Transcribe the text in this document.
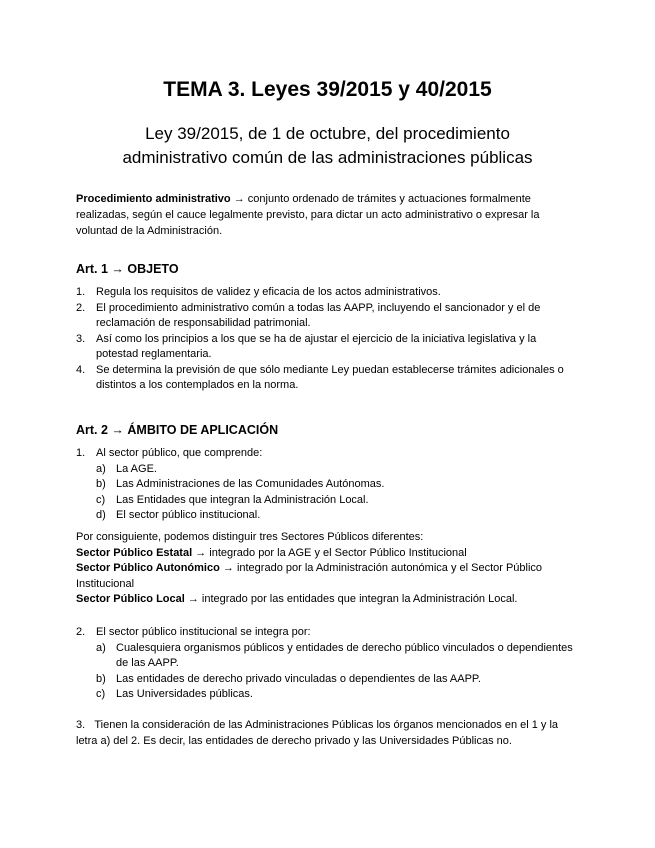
TEMA 3. Leyes 39/2015 y 40/2015
Ley 39/2015, de 1 de octubre, del procedimiento
administrativo común de las administraciones públicas

Procedimiento administrativo → conjunto ordenado de trámites y actuaciones formalmente realizadas, según el cauce legalmente previsto, para dictar un acto administrativo o expresar la voluntad de la Administración.

Art. 1 → OBJETO
1. Regula los requisitos de validez y eficacia de los actos administrativos.
2. El procedimiento administrativo común a todas las AAPP, incluyendo el sancionador y el de reclamación de responsabilidad patrimonial.
3. Así como los principios a los que se ha de ajustar el ejercicio de la iniciativa legislativa y la potestad reglamentaria.
4. Se determina la previsión de que sólo mediante Ley puedan establecerse trámites adicionales o distintos a los contemplados en la norma.
Art. 2 → ÁMBITO DE APLICACIÓN
1. Al sector público, que comprende:
a) La AGE.
b) Las Administraciones de las Comunidades Autónomas.
c) Las Entidades que integran la Administración Local.
d) El sector público institucional.
Por consiguiente, podemos distinguir tres Sectores Públicos diferentes:
Sector Público Estatal → integrado por la AGE y el Sector Público Institucional
Sector Público Autonómico → integrado por la Administración autonómica y el Sector Público Institucional
Sector Público Local → integrado por las entidades que integran la Administración Local.
2. El sector público institucional se integra por:
a) Cualesquiera organismos públicos y entidades de derecho público vinculados o dependientes de las AAPP.
b) Las entidades de derecho privado vinculadas o dependientes de las AAPP.
c) Las Universidades públicas.
3. Tienen la consideración de las Administraciones Públicas los órganos mencionados en el 1 y la letra a) del 2. Es decir, las entidades de derecho privado y las Universidades Públicas no.
